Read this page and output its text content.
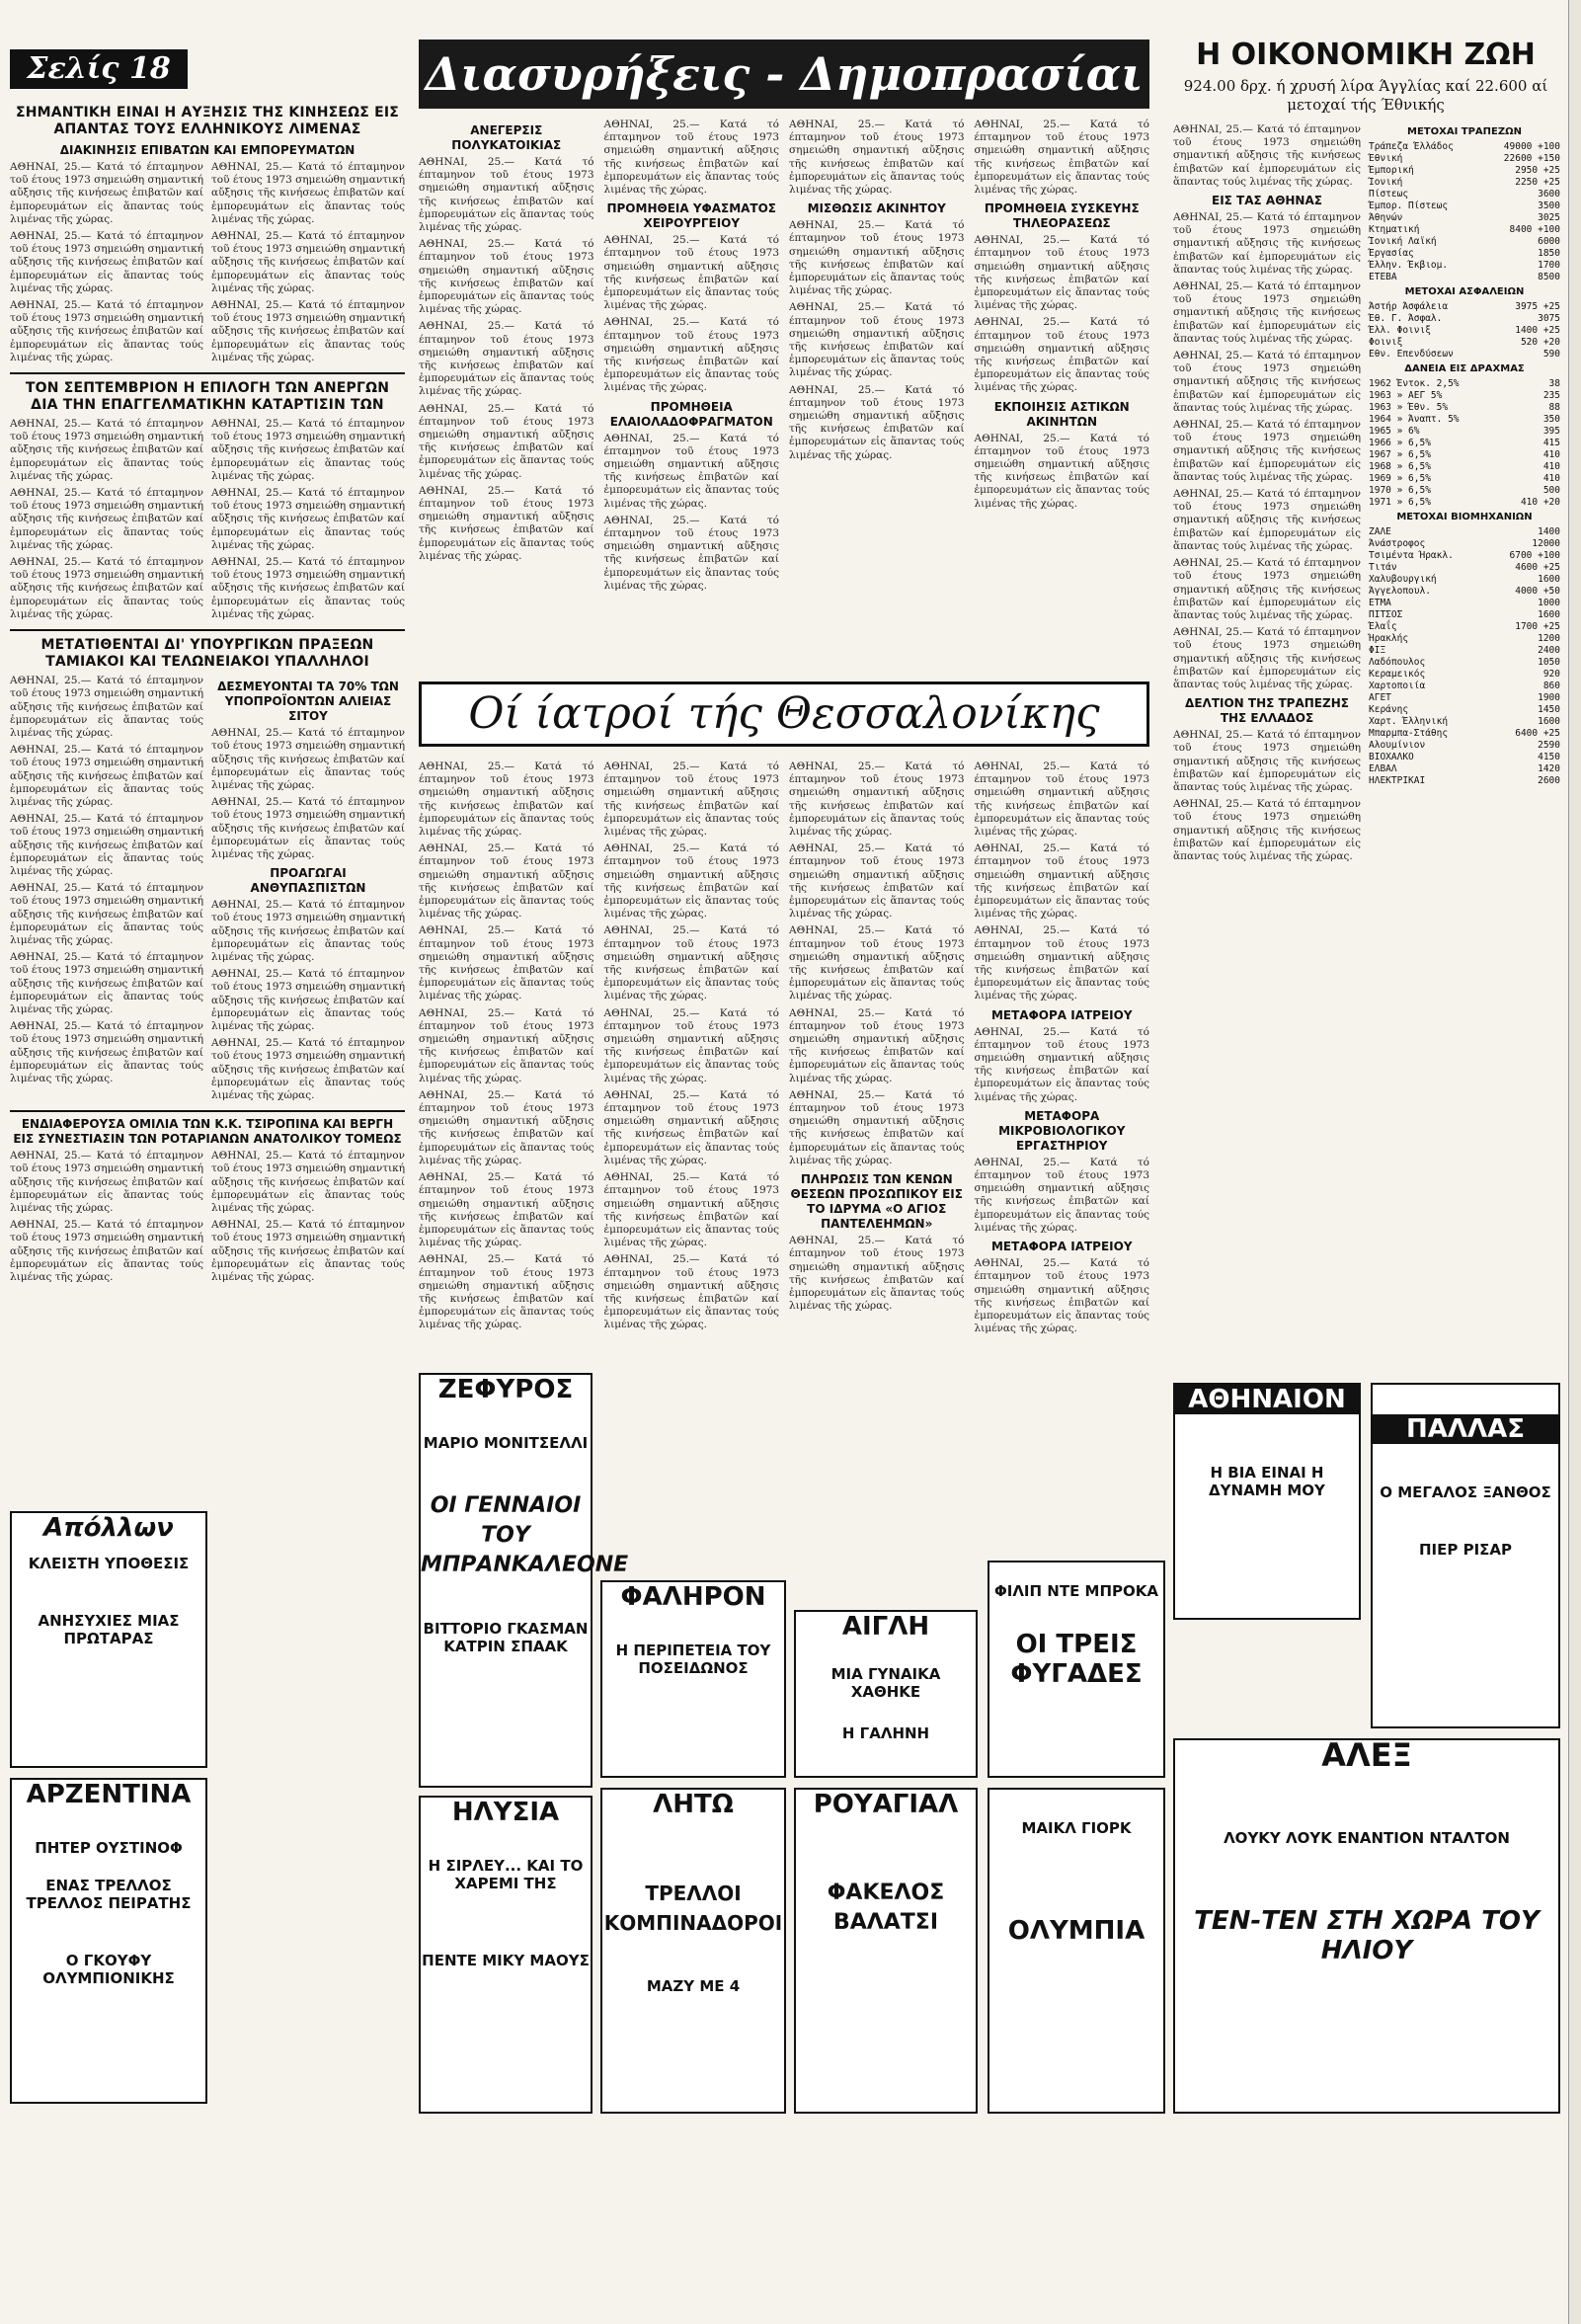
Σελίς 18	Διασυρήξεις - Δημοπρασίαι	Η ΟΙΚΟΝΟΜΙΚΗ ΖΩΗ
924.00 δρχ. ή χρυσή λίρα Άγγλίας καί 22.600 αί μετοχαί τής Έθνικής
ΣΗΜΑΝΤΙΚΗ ΕΙΝΑΙ Η ΑΥΞΗΣΙΣ ΤΗΣ ΚΙΝΗΣΕΩΣ ΕΙΣ ΑΠΑΝΤΑΣ ΤΟΥΣ ΕΛΛΗΝΙΚΟΥΣ ΛΙΜΕΝΑΣ
ΔΙΑΚΙΝΗΣΙΣ ΕΠΙΒΑΤΩΝ ΚΑΙ ΕΜΠΟΡΕΥΜΑΤΩΝ

ΑΘΗΝΑΙ, 25.— Κατά τό έπταμηνον τοῦ έτους 1973 σημειώθη σημαντική αὔξησις τῆς κινήσεως ἐπιβατῶν καί ἐμπορευμάτων εἰς ἅπαντας τούς λιμένας τῆς χώρας.

ΑΘΗΝΑΙ, 25.— Κατά τό έπταμηνον τοῦ έτους 1973 σημειώθη σημαντική αὔξησις τῆς κινήσεως ἐπιβατῶν καί ἐμπορευμάτων εἰς ἅπαντας τούς λιμένας τῆς χώρας.

ΑΘΗΝΑΙ, 25.— Κατά τό έπταμηνον τοῦ έτους 1973 σημειώθη σημαντική αὔξησις τῆς κινήσεως ἐπιβατῶν καί ἐμπορευμάτων εἰς ἅπαντας τούς λιμένας τῆς χώρας.

ΑΘΗΝΑΙ, 25.— Κατά τό έπταμηνον τοῦ έτους 1973 σημειώθη σημαντική αὔξησις τῆς κινήσεως ἐπιβατῶν καί ἐμπορευμάτων εἰς ἅπαντας τούς λιμένας τῆς χώρας.

ΑΘΗΝΑΙ, 25.— Κατά τό έπταμηνον τοῦ έτους 1973 σημειώθη σημαντική αὔξησις τῆς κινήσεως ἐπιβατῶν καί ἐμπορευμάτων εἰς ἅπαντας τούς λιμένας τῆς χώρας.

ΑΘΗΝΑΙ, 25.— Κατά τό έπταμηνον τοῦ έτους 1973 σημειώθη σημαντική αὔξησις τῆς κινήσεως ἐπιβατῶν καί ἐμπορευμάτων εἰς ἅπαντας τούς λιμένας τῆς χώρας.

ΤΟΝ ΣΕΠΤΕΜΒΡΙΟΝ Η ΕΠΙΛΟΓΗ ΤΩΝ ΑΝΕΡΓΩΝ ΔΙΑ ΤΗΝ ΕΠΑΓΓΕΛΜΑΤΙΚΗΝ ΚΑΤΑΡΤΙΣΙΝ ΤΩΝ

ΑΘΗΝΑΙ, 25.— Κατά τό έπταμηνον τοῦ έτους 1973 σημειώθη σημαντική αὔξησις τῆς κινήσεως ἐπιβατῶν καί ἐμπορευμάτων εἰς ἅπαντας τούς λιμένας τῆς χώρας.

ΑΘΗΝΑΙ, 25.— Κατά τό έπταμηνον τοῦ έτους 1973 σημειώθη σημαντική αὔξησις τῆς κινήσεως ἐπιβατῶν καί ἐμπορευμάτων εἰς ἅπαντας τούς λιμένας τῆς χώρας.

ΑΘΗΝΑΙ, 25.— Κατά τό έπταμηνον τοῦ έτους 1973 σημειώθη σημαντική αὔξησις τῆς κινήσεως ἐπιβατῶν καί ἐμπορευμάτων εἰς ἅπαντας τούς λιμένας τῆς χώρας.

ΑΘΗΝΑΙ, 25.— Κατά τό έπταμηνον τοῦ έτους 1973 σημειώθη σημαντική αὔξησις τῆς κινήσεως ἐπιβατῶν καί ἐμπορευμάτων εἰς ἅπαντας τούς λιμένας τῆς χώρας.

ΑΘΗΝΑΙ, 25.— Κατά τό έπταμηνον τοῦ έτους 1973 σημειώθη σημαντική αὔξησις τῆς κινήσεως ἐπιβατῶν καί ἐμπορευμάτων εἰς ἅπαντας τούς λιμένας τῆς χώρας.

ΑΘΗΝΑΙ, 25.— Κατά τό έπταμηνον τοῦ έτους 1973 σημειώθη σημαντική αὔξησις τῆς κινήσεως ἐπιβατῶν καί ἐμπορευμάτων εἰς ἅπαντας τούς λιμένας τῆς χώρας.

ΜΕΤΑΤΙΘΕΝΤΑΙ ΔΙ' ΥΠΟΥΡΓΙΚΩΝ ΠΡΑΞΕΩΝ ΤΑΜΙΑΚΟΙ ΚΑΙ ΤΕΛΩΝΕΙΑΚΟΙ ΥΠΑΛΛΗΛΟΙ

ΑΘΗΝΑΙ, 25.— Κατά τό έπταμηνον τοῦ έτους 1973 σημειώθη σημαντική αὔξησις τῆς κινήσεως ἐπιβατῶν καί ἐμπορευμάτων εἰς ἅπαντας τούς λιμένας τῆς χώρας.

ΑΘΗΝΑΙ, 25.— Κατά τό έπταμηνον τοῦ έτους 1973 σημειώθη σημαντική αὔξησις τῆς κινήσεως ἐπιβατῶν καί ἐμπορευμάτων εἰς ἅπαντας τούς λιμένας τῆς χώρας.

ΑΘΗΝΑΙ, 25.— Κατά τό έπταμηνον τοῦ έτους 1973 σημειώθη σημαντική αὔξησις τῆς κινήσεως ἐπιβατῶν καί ἐμπορευμάτων εἰς ἅπαντας τούς λιμένας τῆς χώρας.

ΑΘΗΝΑΙ, 25.— Κατά τό έπταμηνον τοῦ έτους 1973 σημειώθη σημαντική αὔξησις τῆς κινήσεως ἐπιβατῶν καί ἐμπορευμάτων εἰς ἅπαντας τούς λιμένας τῆς χώρας.

ΑΘΗΝΑΙ, 25.— Κατά τό έπταμηνον τοῦ έτους 1973 σημειώθη σημαντική αὔξησις τῆς κινήσεως ἐπιβατῶν καί ἐμπορευμάτων εἰς ἅπαντας τούς λιμένας τῆς χώρας.

ΑΘΗΝΑΙ, 25.— Κατά τό έπταμηνον τοῦ έτους 1973 σημειώθη σημαντική αὔξησις τῆς κινήσεως ἐπιβατῶν καί ἐμπορευμάτων εἰς ἅπαντας τούς λιμένας τῆς χώρας.

ΔΕΣΜΕΥΟΝΤΑΙ ΤΑ 70% ΤΩΝ ΥΠΟΠΡΟΪΟΝΤΩΝ ΑΛΙΕΙΑΣ ΣΙΤΟΥ

ΑΘΗΝΑΙ, 25.— Κατά τό έπταμηνον τοῦ έτους 1973 σημειώθη σημαντική αὔξησις τῆς κινήσεως ἐπιβατῶν καί ἐμπορευμάτων εἰς ἅπαντας τούς λιμένας τῆς χώρας.

ΑΘΗΝΑΙ, 25.— Κατά τό έπταμηνον τοῦ έτους 1973 σημειώθη σημαντική αὔξησις τῆς κινήσεως ἐπιβατῶν καί ἐμπορευμάτων εἰς ἅπαντας τούς λιμένας τῆς χώρας.

ΠΡΟΑΓΩΓΑΙ ΑΝΘΥΠΑΣΠΙΣΤΩΝ

ΑΘΗΝΑΙ, 25.— Κατά τό έπταμηνον τοῦ έτους 1973 σημειώθη σημαντική αὔξησις τῆς κινήσεως ἐπιβατῶν καί ἐμπορευμάτων εἰς ἅπαντας τούς λιμένας τῆς χώρας.

ΑΘΗΝΑΙ, 25.— Κατά τό έπταμηνον τοῦ έτους 1973 σημειώθη σημαντική αὔξησις τῆς κινήσεως ἐπιβατῶν καί ἐμπορευμάτων εἰς ἅπαντας τούς λιμένας τῆς χώρας.

ΑΘΗΝΑΙ, 25.— Κατά τό έπταμηνον τοῦ έτους 1973 σημειώθη σημαντική αὔξησις τῆς κινήσεως ἐπιβατῶν καί ἐμπορευμάτων εἰς ἅπαντας τούς λιμένας τῆς χώρας.

ΕΝΔΙΑΦΕΡΟΥΣΑ ΟΜΙΛΙΑ ΤΩΝ Κ.Κ. ΤΣΙΡΟΠΙΝΑ ΚΑΙ ΒΕΡΓΗ ΕΙΣ ΣΥΝΕΣΤΙΑΣΙΝ ΤΩΝ ΡΟΤΑΡΙΑΝΩΝ ΑΝΑΤΟΛΙΚΟΥ ΤΟΜΕΩΣ

ΑΘΗΝΑΙ, 25.— Κατά τό έπταμηνον τοῦ έτους 1973 σημειώθη σημαντική αὔξησις τῆς κινήσεως ἐπιβατῶν καί ἐμπορευμάτων εἰς ἅπαντας τούς λιμένας τῆς χώρας.

ΑΘΗΝΑΙ, 25.— Κατά τό έπταμηνον τοῦ έτους 1973 σημειώθη σημαντική αὔξησις τῆς κινήσεως ἐπιβατῶν καί ἐμπορευμάτων εἰς ἅπαντας τούς λιμένας τῆς χώρας.

ΑΘΗΝΑΙ, 25.— Κατά τό έπταμηνον τοῦ έτους 1973 σημειώθη σημαντική αὔξησις τῆς κινήσεως ἐπιβατῶν καί ἐμπορευμάτων εἰς ἅπαντας τούς λιμένας τῆς χώρας.

ΑΘΗΝΑΙ, 25.— Κατά τό έπταμηνον τοῦ έτους 1973 σημειώθη σημαντική αὔξησις τῆς κινήσεως ἐπιβατῶν καί ἐμπορευμάτων εἰς ἅπαντας τούς λιμένας τῆς χώρας.

ΑΝΕΓΕΡΣΙΣ ΠΟΛΥΚΑΤΟΙΚΙΑΣ

ΑΘΗΝΑΙ, 25.— Κατά τό έπταμηνον τοῦ έτους 1973 σημειώθη σημαντική αὔξησις τῆς κινήσεως ἐπιβατῶν καί ἐμπορευμάτων εἰς ἅπαντας τούς λιμένας τῆς χώρας.

ΑΘΗΝΑΙ, 25.— Κατά τό έπταμηνον τοῦ έτους 1973 σημειώθη σημαντική αὔξησις τῆς κινήσεως ἐπιβατῶν καί ἐμπορευμάτων εἰς ἅπαντας τούς λιμένας τῆς χώρας.

ΑΘΗΝΑΙ, 25.— Κατά τό έπταμηνον τοῦ έτους 1973 σημειώθη σημαντική αὔξησις τῆς κινήσεως ἐπιβατῶν καί ἐμπορευμάτων εἰς ἅπαντας τούς λιμένας τῆς χώρας.

ΑΘΗΝΑΙ, 25.— Κατά τό έπταμηνον τοῦ έτους 1973 σημειώθη σημαντική αὔξησις τῆς κινήσεως ἐπιβατῶν καί ἐμπορευμάτων εἰς ἅπαντας τούς λιμένας τῆς χώρας.

ΑΘΗΝΑΙ, 25.— Κατά τό έπταμηνον τοῦ έτους 1973 σημειώθη σημαντική αὔξησις τῆς κινήσεως ἐπιβατῶν καί ἐμπορευμάτων εἰς ἅπαντας τούς λιμένας τῆς χώρας.

ΑΘΗΝΑΙ, 25.— Κατά τό έπταμηνον τοῦ έτους 1973 σημειώθη σημαντική αὔξησις τῆς κινήσεως ἐπιβατῶν καί ἐμπορευμάτων εἰς ἅπαντας τούς λιμένας τῆς χώρας.

ΠΡΟΜΗΘΕΙΑ ΥΦΑΣΜΑΤΟΣ ΧΕΙΡΟΥΡΓΕΙΟΥ

ΑΘΗΝΑΙ, 25.— Κατά τό έπταμηνον τοῦ έτους 1973 σημειώθη σημαντική αὔξησις τῆς κινήσεως ἐπιβατῶν καί ἐμπορευμάτων εἰς ἅπαντας τούς λιμένας τῆς χώρας.

ΑΘΗΝΑΙ, 25.— Κατά τό έπταμηνον τοῦ έτους 1973 σημειώθη σημαντική αὔξησις τῆς κινήσεως ἐπιβατῶν καί ἐμπορευμάτων εἰς ἅπαντας τούς λιμένας τῆς χώρας.

ΠΡΟΜΗΘΕΙΑ ΕΛΑΙΟΛΑΔΟΦΡΑΓΜΑΤΟΝ

ΑΘΗΝΑΙ, 25.— Κατά τό έπταμηνον τοῦ έτους 1973 σημειώθη σημαντική αὔξησις τῆς κινήσεως ἐπιβατῶν καί ἐμπορευμάτων εἰς ἅπαντας τούς λιμένας τῆς χώρας.

ΑΘΗΝΑΙ, 25.— Κατά τό έπταμηνον τοῦ έτους 1973 σημειώθη σημαντική αὔξησις τῆς κινήσεως ἐπιβατῶν καί ἐμπορευμάτων εἰς ἅπαντας τούς λιμένας τῆς χώρας.

ΑΘΗΝΑΙ, 25.— Κατά τό έπταμηνον τοῦ έτους 1973 σημειώθη σημαντική αὔξησις τῆς κινήσεως ἐπιβατῶν καί ἐμπορευμάτων εἰς ἅπαντας τούς λιμένας τῆς χώρας.

ΜΙΣΘΩΣΙΣ ΑΚΙΝΗΤΟΥ

ΑΘΗΝΑΙ, 25.— Κατά τό έπταμηνον τοῦ έτους 1973 σημειώθη σημαντική αὔξησις τῆς κινήσεως ἐπιβατῶν καί ἐμπορευμάτων εἰς ἅπαντας τούς λιμένας τῆς χώρας.

ΑΘΗΝΑΙ, 25.— Κατά τό έπταμηνον τοῦ έτους 1973 σημειώθη σημαντική αὔξησις τῆς κινήσεως ἐπιβατῶν καί ἐμπορευμάτων εἰς ἅπαντας τούς λιμένας τῆς χώρας.

ΑΘΗΝΑΙ, 25.— Κατά τό έπταμηνον τοῦ έτους 1973 σημειώθη σημαντική αὔξησις τῆς κινήσεως ἐπιβατῶν καί ἐμπορευμάτων εἰς ἅπαντας τούς λιμένας τῆς χώρας.

ΑΘΗΝΑΙ, 25.— Κατά τό έπταμηνον τοῦ έτους 1973 σημειώθη σημαντική αὔξησις τῆς κινήσεως ἐπιβατῶν καί ἐμπορευμάτων εἰς ἅπαντας τούς λιμένας τῆς χώρας.

ΠΡΟΜΗΘΕΙΑ ΣΥΣΚΕΥΗΣ ΤΗΛΕΟΡΑΣΕΩΣ

ΑΘΗΝΑΙ, 25.— Κατά τό έπταμηνον τοῦ έτους 1973 σημειώθη σημαντική αὔξησις τῆς κινήσεως ἐπιβατῶν καί ἐμπορευμάτων εἰς ἅπαντας τούς λιμένας τῆς χώρας.

ΑΘΗΝΑΙ, 25.— Κατά τό έπταμηνον τοῦ έτους 1973 σημειώθη σημαντική αὔξησις τῆς κινήσεως ἐπιβατῶν καί ἐμπορευμάτων εἰς ἅπαντας τούς λιμένας τῆς χώρας.

ΕΚΠΟΙΗΣΙΣ ΑΣΤΙΚΩΝ ΑΚΙΝΗΤΩΝ

ΑΘΗΝΑΙ, 25.— Κατά τό έπταμηνον τοῦ έτους 1973 σημειώθη σημαντική αὔξησις τῆς κινήσεως ἐπιβατῶν καί ἐμπορευμάτων εἰς ἅπαντας τούς λιμένας τῆς χώρας.

Οί ίατροί τής Θεσσαλονίκης

ΑΘΗΝΑΙ, 25.— Κατά τό έπταμηνον τοῦ έτους 1973 σημειώθη σημαντική αὔξησις τῆς κινήσεως ἐπιβατῶν καί ἐμπορευμάτων εἰς ἅπαντας τούς λιμένας τῆς χώρας.

ΑΘΗΝΑΙ, 25.— Κατά τό έπταμηνον τοῦ έτους 1973 σημειώθη σημαντική αὔξησις τῆς κινήσεως ἐπιβατῶν καί ἐμπορευμάτων εἰς ἅπαντας τούς λιμένας τῆς χώρας.

ΑΘΗΝΑΙ, 25.— Κατά τό έπταμηνον τοῦ έτους 1973 σημειώθη σημαντική αὔξησις τῆς κινήσεως ἐπιβατῶν καί ἐμπορευμάτων εἰς ἅπαντας τούς λιμένας τῆς χώρας.

ΑΘΗΝΑΙ, 25.— Κατά τό έπταμηνον τοῦ έτους 1973 σημειώθη σημαντική αὔξησις τῆς κινήσεως ἐπιβατῶν καί ἐμπορευμάτων εἰς ἅπαντας τούς λιμένας τῆς χώρας.

ΑΘΗΝΑΙ, 25.— Κατά τό έπταμηνον τοῦ έτους 1973 σημειώθη σημαντική αὔξησις τῆς κινήσεως ἐπιβατῶν καί ἐμπορευμάτων εἰς ἅπαντας τούς λιμένας τῆς χώρας.

ΑΘΗΝΑΙ, 25.— Κατά τό έπταμηνον τοῦ έτους 1973 σημειώθη σημαντική αὔξησις τῆς κινήσεως ἐπιβατῶν καί ἐμπορευμάτων εἰς ἅπαντας τούς λιμένας τῆς χώρας.

ΑΘΗΝΑΙ, 25.— Κατά τό έπταμηνον τοῦ έτους 1973 σημειώθη σημαντική αὔξησις τῆς κινήσεως ἐπιβατῶν καί ἐμπορευμάτων εἰς ἅπαντας τούς λιμένας τῆς χώρας.

ΑΘΗΝΑΙ, 25.— Κατά τό έπταμηνον τοῦ έτους 1973 σημειώθη σημαντική αὔξησις τῆς κινήσεως ἐπιβατῶν καί ἐμπορευμάτων εἰς ἅπαντας τούς λιμένας τῆς χώρας.

ΑΘΗΝΑΙ, 25.— Κατά τό έπταμηνον τοῦ έτους 1973 σημειώθη σημαντική αὔξησις τῆς κινήσεως ἐπιβατῶν καί ἐμπορευμάτων εἰς ἅπαντας τούς λιμένας τῆς χώρας.

ΑΘΗΝΑΙ, 25.— Κατά τό έπταμηνον τοῦ έτους 1973 σημειώθη σημαντική αὔξησις τῆς κινήσεως ἐπιβατῶν καί ἐμπορευμάτων εἰς ἅπαντας τούς λιμένας τῆς χώρας.

ΑΘΗΝΑΙ, 25.— Κατά τό έπταμηνον τοῦ έτους 1973 σημειώθη σημαντική αὔξησις τῆς κινήσεως ἐπιβατῶν καί ἐμπορευμάτων εἰς ἅπαντας τούς λιμένας τῆς χώρας.

ΑΘΗΝΑΙ, 25.— Κατά τό έπταμηνον τοῦ έτους 1973 σημειώθη σημαντική αὔξησις τῆς κινήσεως ἐπιβατῶν καί ἐμπορευμάτων εἰς ἅπαντας τούς λιμένας τῆς χώρας.

ΑΘΗΝΑΙ, 25.— Κατά τό έπταμηνον τοῦ έτους 1973 σημειώθη σημαντική αὔξησις τῆς κινήσεως ἐπιβατῶν καί ἐμπορευμάτων εἰς ἅπαντας τούς λιμένας τῆς χώρας.

ΑΘΗΝΑΙ, 25.— Κατά τό έπταμηνον τοῦ έτους 1973 σημειώθη σημαντική αὔξησις τῆς κινήσεως ἐπιβατῶν καί ἐμπορευμάτων εἰς ἅπαντας τούς λιμένας τῆς χώρας.

ΑΘΗΝΑΙ, 25.— Κατά τό έπταμηνον τοῦ έτους 1973 σημειώθη σημαντική αὔξησις τῆς κινήσεως ἐπιβατῶν καί ἐμπορευμάτων εἰς ἅπαντας τούς λιμένας τῆς χώρας.

ΑΘΗΝΑΙ, 25.— Κατά τό έπταμηνον τοῦ έτους 1973 σημειώθη σημαντική αὔξησις τῆς κινήσεως ἐπιβατῶν καί ἐμπορευμάτων εἰς ἅπαντας τούς λιμένας τῆς χώρας.

ΑΘΗΝΑΙ, 25.— Κατά τό έπταμηνον τοῦ έτους 1973 σημειώθη σημαντική αὔξησις τῆς κινήσεως ἐπιβατῶν καί ἐμπορευμάτων εἰς ἅπαντας τούς λιμένας τῆς χώρας.

ΑΘΗΝΑΙ, 25.— Κατά τό έπταμηνον τοῦ έτους 1973 σημειώθη σημαντική αὔξησις τῆς κινήσεως ἐπιβατῶν καί ἐμπορευμάτων εἰς ἅπαντας τούς λιμένας τῆς χώρας.

ΑΘΗΝΑΙ, 25.— Κατά τό έπταμηνον τοῦ έτους 1973 σημειώθη σημαντική αὔξησις τῆς κινήσεως ἐπιβατῶν καί ἐμπορευμάτων εἰς ἅπαντας τούς λιμένας τῆς χώρας.

ΠΛΗΡΩΣΙΣ ΤΩΝ ΚΕΝΩΝ ΘΕΣΕΩΝ ΠΡΟΣΩΠΙΚΟΥ ΕΙΣ ΤΟ ΙΔΡΥΜΑ «Ο ΑΓΙΟΣ ΠΑΝΤΕΛΕΗΜΩΝ»

ΑΘΗΝΑΙ, 25.— Κατά τό έπταμηνον τοῦ έτους 1973 σημειώθη σημαντική αὔξησις τῆς κινήσεως ἐπιβατῶν καί ἐμπορευμάτων εἰς ἅπαντας τούς λιμένας τῆς χώρας.

ΑΘΗΝΑΙ, 25.— Κατά τό έπταμηνον τοῦ έτους 1973 σημειώθη σημαντική αὔξησις τῆς κινήσεως ἐπιβατῶν καί ἐμπορευμάτων εἰς ἅπαντας τούς λιμένας τῆς χώρας.

ΑΘΗΝΑΙ, 25.— Κατά τό έπταμηνον τοῦ έτους 1973 σημειώθη σημαντική αὔξησις τῆς κινήσεως ἐπιβατῶν καί ἐμπορευμάτων εἰς ἅπαντας τούς λιμένας τῆς χώρας.

ΑΘΗΝΑΙ, 25.— Κατά τό έπταμηνον τοῦ έτους 1973 σημειώθη σημαντική αὔξησις τῆς κινήσεως ἐπιβατῶν καί ἐμπορευμάτων εἰς ἅπαντας τούς λιμένας τῆς χώρας.

ΜΕΤΑΦΟΡΑ ΙΑΤΡΕΙΟΥ

ΑΘΗΝΑΙ, 25.— Κατά τό έπταμηνον τοῦ έτους 1973 σημειώθη σημαντική αὔξησις τῆς κινήσεως ἐπιβατῶν καί ἐμπορευμάτων εἰς ἅπαντας τούς λιμένας τῆς χώρας.

ΜΕΤΑΦΟΡΑ ΜΙΚΡΟΒΙΟΛΟΓΙΚΟΥ ΕΡΓΑΣΤΗΡΙΟΥ

ΑΘΗΝΑΙ, 25.— Κατά τό έπταμηνον τοῦ έτους 1973 σημειώθη σημαντική αὔξησις τῆς κινήσεως ἐπιβατῶν καί ἐμπορευμάτων εἰς ἅπαντας τούς λιμένας τῆς χώρας.

ΜΕΤΑΦΟΡΑ ΙΑΤΡΕΙΟΥ

ΑΘΗΝΑΙ, 25.— Κατά τό έπταμηνον τοῦ έτους 1973 σημειώθη σημαντική αὔξησις τῆς κινήσεως ἐπιβατῶν καί ἐμπορευμάτων εἰς ἅπαντας τούς λιμένας τῆς χώρας.

ΑΘΗΝΑΙ, 25.— Κατά τό έπταμηνον τοῦ έτους 1973 σημειώθη σημαντική αὔξησις τῆς κινήσεως ἐπιβατῶν καί ἐμπορευμάτων εἰς ἅπαντας τούς λιμένας τῆς χώρας.

ΕΙΣ ΤΑΣ ΑΘΗΝΑΣ

ΑΘΗΝΑΙ, 25.— Κατά τό έπταμηνον τοῦ έτους 1973 σημειώθη σημαντική αὔξησις τῆς κινήσεως ἐπιβατῶν καί ἐμπορευμάτων εἰς ἅπαντας τούς λιμένας τῆς χώρας.

ΑΘΗΝΑΙ, 25.— Κατά τό έπταμηνον τοῦ έτους 1973 σημειώθη σημαντική αὔξησις τῆς κινήσεως ἐπιβατῶν καί ἐμπορευμάτων εἰς ἅπαντας τούς λιμένας τῆς χώρας.

ΑΘΗΝΑΙ, 25.— Κατά τό έπταμηνον τοῦ έτους 1973 σημειώθη σημαντική αὔξησις τῆς κινήσεως ἐπιβατῶν καί ἐμπορευμάτων εἰς ἅπαντας τούς λιμένας τῆς χώρας.

ΑΘΗΝΑΙ, 25.— Κατά τό έπταμηνον τοῦ έτους 1973 σημειώθη σημαντική αὔξησις τῆς κινήσεως ἐπιβατῶν καί ἐμπορευμάτων εἰς ἅπαντας τούς λιμένας τῆς χώρας.

ΑΘΗΝΑΙ, 25.— Κατά τό έπταμηνον τοῦ έτους 1973 σημειώθη σημαντική αὔξησις τῆς κινήσεως ἐπιβατῶν καί ἐμπορευμάτων εἰς ἅπαντας τούς λιμένας τῆς χώρας.

ΑΘΗΝΑΙ, 25.— Κατά τό έπταμηνον τοῦ έτους 1973 σημειώθη σημαντική αὔξησις τῆς κινήσεως ἐπιβατῶν καί ἐμπορευμάτων εἰς ἅπαντας τούς λιμένας τῆς χώρας.

ΑΘΗΝΑΙ, 25.— Κατά τό έπταμηνον τοῦ έτους 1973 σημειώθη σημαντική αὔξησις τῆς κινήσεως ἐπιβατῶν καί ἐμπορευμάτων εἰς ἅπαντας τούς λιμένας τῆς χώρας.

ΔΕΛΤΙΟΝ ΤΗΣ ΤΡΑΠΕΖΗΣ ΤΗΣ ΕΛΛΑΔΟΣ

ΑΘΗΝΑΙ, 25.— Κατά τό έπταμηνον τοῦ έτους 1973 σημειώθη σημαντική αὔξησις τῆς κινήσεως ἐπιβατῶν καί ἐμπορευμάτων εἰς ἅπαντας τούς λιμένας τῆς χώρας.

ΑΘΗΝΑΙ, 25.— Κατά τό έπταμηνον τοῦ έτους 1973 σημειώθη σημαντική αὔξησις τῆς κινήσεως ἐπιβατῶν καί ἐμπορευμάτων εἰς ἅπαντας τούς λιμένας τῆς χώρας.

ΜΕΤΟΧΑΙ ΤΡΑΠΕΖΩΝ
Τράπεζα Έλλάδος	49000 +100
Έθνική	22600 +150
Έμπορική	2950 +25
Ίονική	2250 +25
Πίστεως	3600
Έμπορ. Πίστεως	3500
Άθηνών	3025
Κτηματική	8400 +100
Ίονική Λαϊκή	6000
Έργασίας	1850
Έλλην. Έκβιομ.	1700
ΕΤΕΒΑ	8500
ΜΕΤΟΧΑΙ ΑΣΦΑΛΕΙΩΝ
Άστήρ Άσφάλεια	3975 +25
Έθ. Γ. Άσφαλ.	3075
Έλλ. Φοινιξ	1400 +25
Φοινιξ	520 +20
Εθν. Επενδύσεων	590
ΔΑΝΕΙΑ ΕΙΣ ΔΡΑΧΜΑΣ
1962 Έντοκ. 2,5%	38
1963 » ΑΕΓ 5%	235
1963 » Έθν. 5%	88
1964 » Άναπτ. 5%	350
1965 » 6%	395
1966 » 6,5%	415
1967 » 6,5%	410
1968 » 6,5%	410
1969 » 6,5%	410
1970 » 6,5%	500
1971 » 6,5%	410 +20
ΜΕΤΟΧΑΙ ΒΙΟΜΗΧΑΝΙΩΝ
ΖΑΛΕ	1400
Άνάστροφος	12000
Τσιμέντα Ήρακλ.	6700 +100
Τιτάν	4600 +25
Χαλυβουργική	1600
Άγγελοπουλ.	4000 +50
ΕΤΜΑ	1000
ΠΙΤΣΟΣ	1600
Έλαΐς	1700 +25
Ήρακλής	1200
ΦΙΞ	2400
Λαδόπουλος	1050
Κεραμεικός	920
Χαρτοποιία	860
ΑΓΕΤ	1900
Κεράνης	1450
Χαρτ. Έλληνική	1600
Μπαρμπα-Στάθης	6400 +25
Αλουμίνιον	2590
ΒΙΟΧΑΛΚΟ	4150
ΕΛΒΑΛ	1420
ΗΛΕΚΤΡΙΚΑΙ	2600
Απόλλων
ΚΛΕΙΣΤΗ ΥΠΟΘΕΣΙΣ
ΑΝΗΣΥΧΙΕΣ ΜΙΑΣ ΠΡΩΤΑΡΑΣ
ΑΡΖΕΝΤΙΝΑ
ΠΗΤΕΡ ΟΥΣΤΙΝΟΦ
ΕΝΑΣ ΤΡΕΛΛΟΣ ΤΡΕΛΛΟΣ ΠΕΙΡΑΤΗΣ
Ο ΓΚΟΥΦΥ ΟΛΥΜΠΙΟΝΙΚΗΣ
ΖΕΦΥΡΟΣ
ΜΑΡΙΟ ΜΟΝΙΤΣΕΛΛΙ
ΟΙ ΓΕΝΝΑΙΟΙ ΤΟΥ ΜΠΡΑΝΚΑΛΕΟΝΕ
ΒΙΤΤΟΡΙΟ ΓΚΑΣΜΑΝ ΚΑΤΡΙΝ ΣΠΑΑΚ
ΗΛΥΣΙΑ
Η ΣΙΡΛΕΥ... ΚΑΙ ΤΟ ΧΑΡΕΜΙ ΤΗΣ
ΠΕΝΤΕ ΜΙΚΥ ΜΑΟΥΣ
ΦΑΛΗΡΟΝ
Η ΠΕΡΙΠΕΤΕΙΑ ΤΟΥ ΠΟΣΕΙΔΩΝΟΣ
ΛΗΤΩ
ΤΡΕΛΛΟΙ ΚΟΜΠΙΝΑΔΟΡΟΙ
ΜΑΖΥ ΜΕ 4
ΑΙΓΛΗ
ΜΙΑ ΓΥΝΑΙΚΑ ΧΑΘΗΚΕ
Η ΓΑΛΗΝΗ
ΡΟΥΑΓΙΑΛ
ΦΑΚΕΛΟΣ ΒΑΛΑΤΣΙ
ΦΙΛΙΠ ΝΤΕ ΜΠΡΟΚΑ
ΟΙ ΤΡΕΙΣ ΦΥΓΑΔΕΣ
ΜΑΙΚΛ ΓΙΟΡΚ
ΟΛΥΜΠΙΑ
ΑΘΗΝΑΙΟΝ
Η ΒΙΑ ΕΙΝΑΙ Η ΔΥΝΑΜΗ ΜΟΥ
ΠΑΛΛΑΣ
Ο ΜΕΓΑΛΟΣ ΞΑΝΘΟΣ
ΠΙΕΡ ΡΙΣΑΡ
ΑΛΕΞ
ΛΟΥΚΥ ΛΟΥΚ ΕΝΑΝΤΙΟΝ ΝΤΑΛΤΟΝ
ΤΕΝ-ΤΕΝ ΣΤΗ ΧΩΡΑ ΤΟΥ ΗΛΙΟΥ
